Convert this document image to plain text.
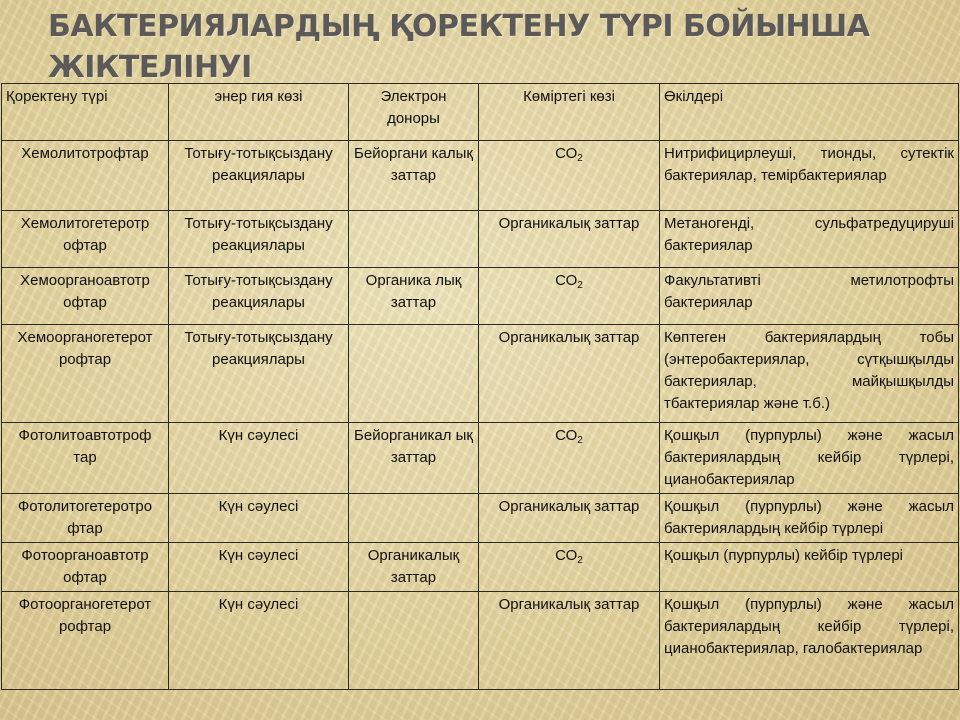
БАКТЕРИЯЛАРДЫҢ ҚОРЕКТЕНУ ТҮРІ БОЙЫНША
ЖІКТЕЛІНУІ
Қоректену түрі	энер гия көзі	Электрон доноры	Көміртегі көзі	Өкілдері
Хемолитотрофтар	Тотығу-тотықсыздану реакциялары	Бейоргани калық заттар	$СО_2$	Нитрифицирлеуші, тионды, сутектік бактериялар, темірбактериялар
Хемолитогетеротр офтар	Тотығу-тотықсыздану реакциялары		Органикалық заттар	Метаногенді, сульфатредуцируші бактериялар
Хемоорганоавтотр офтар	Тотығу-тотықсыздану реакциялары	Органика лық заттар	$СО_2$	Факультативті метилотрофты бактериялар
Хемоорганогетерот рофтар	Тотығу-тотықсыздану реакциялары		Органикалық заттар	Көптеген бактериялардың тобы (энтеробактериялар, сүтқышқылды бактериялар, майқышқылды тбактериялар және т.б.)
Фотолитоавтотроф тар	Күн сәулесі	Бейорганикал ық заттар	$СО_2$	Қошқыл (пурпурлы) және жасыл бактериялардың кейбір түрлері, цианобактериялар
Фотолитогетеротро фтар	Күн сәулесі		Органикалық заттар	Қошқыл (пурпурлы) және жасыл бактериялардың кейбір түрлері
Фотоорганоавтотр офтар	Күн сәулесі	Органикалық заттар	$СО_2$	Қошқыл (пурпурлы) кейбір түрлері
Фотоорганогетерот рофтар	Күн сәулесі		Органикалық заттар	Қошқыл (пурпурлы) және жасыл бактериялардың кейбір түрлері, цианобактериялар, галобактериялар
